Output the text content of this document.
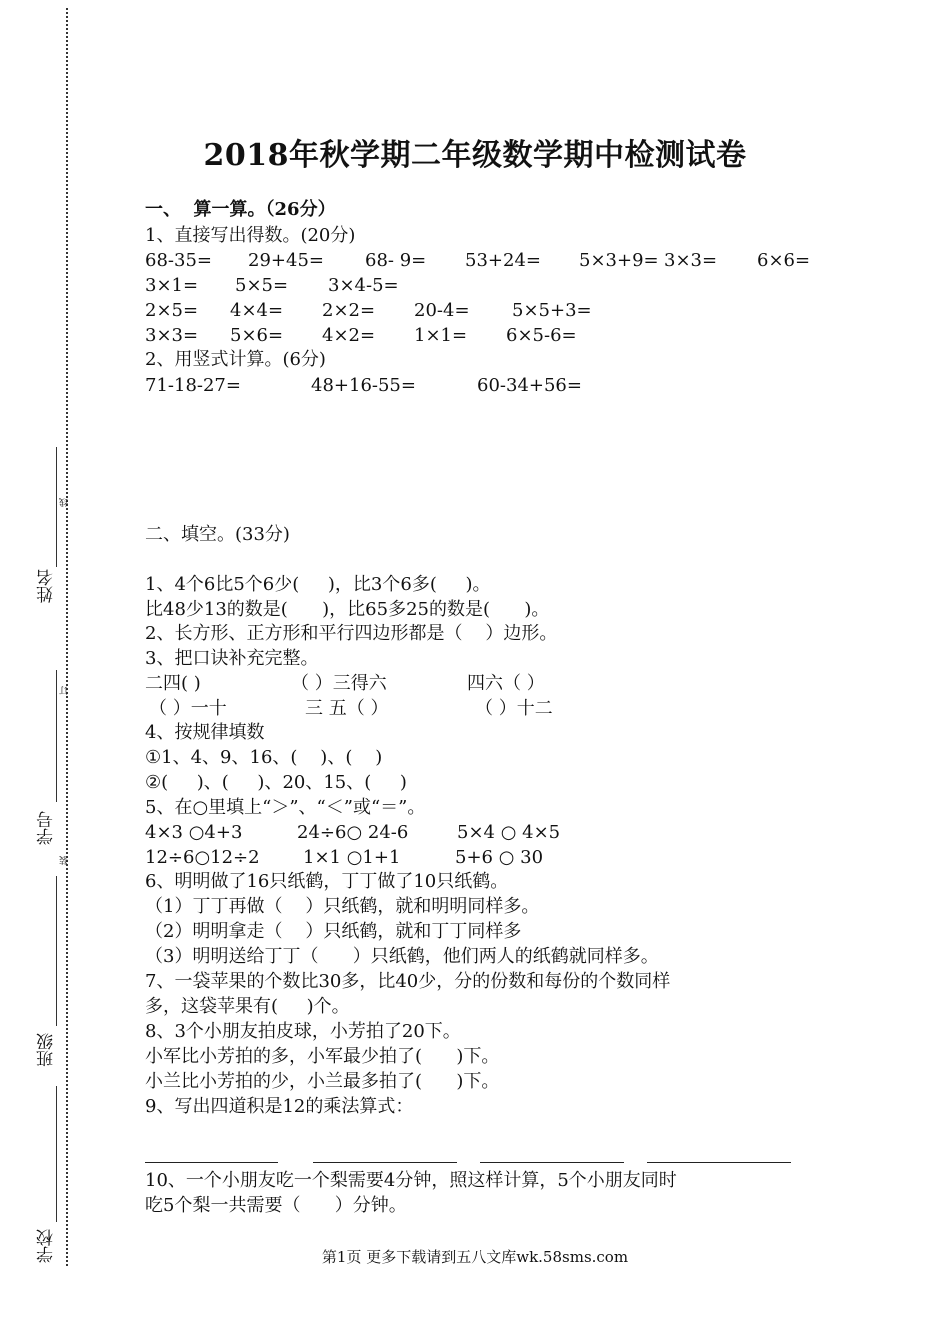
姓名
线
订
学号
装
班级
学校
2018年秋学期二年级数学期中检测试卷
一、  算一算。（26分）
1、直接写出得数。(20分)
68-35= 29+45= 68- 9= 53+24= 5×3+9= 3×3= 6×6=
3×1= 5×5= 3×4-5=
2×5= 4×4= 2×2= 20-4= 5×5+3=
3×3= 5×6= 4×2= 1×1= 6×5-6=
2、用竖式计算。(6分)
71-18-27=	48+16-55=	60-34+56=
二、填空。(33分)
1、4个6比5个6少(     )，比3个6多(     )。
比48少13的数是(      )，比65多25的数是(      )。
2、长方形、正方形和平行四边形都是（    ）边形。
3、把口诀补充完整。
二四( )	（ ）三得六	四六（ ）
（ ）一十	三 五（ ）	（ ）十二
4、按规律填数
①1、4、9、16、(    )、(    )
②(     )、(     )、20、15、(     )
5、在○里填上“＞”、“＜”或“＝”。
4×3 ○4+3	24÷6○ 24-6	5×4 ○ 4×5
12÷6○12÷2 1×1 ○1+1	5+6 ○ 30
6、明明做了16只纸鹤，丁丁做了10只纸鹤。
（1）丁丁再做（    ）只纸鹤，就和明明同样多。
（2）明明拿走（    ）只纸鹤，就和丁丁同样多
（3）明明送给丁丁（      ）只纸鹤，他们两人的纸鹤就同样多。
7、一袋苹果的个数比30多，比40少，分的份数和每份的个数同样
多，这袋苹果有(     )个。
8、3个小朋友拍皮球，小芳拍了20下。
小军比小芳拍的多，小军最少拍了(      )下。
小兰比小芳拍的少，小兰最多拍了(      )下。
9、写出四道积是12的乘法算式：
10、一个小朋友吃一个梨需要4分钟，照这样计算，5个小朋友同时
吃5个梨一共需要（      ）分钟。
第1页 更多下载请到五八文库wk.58sms.com
